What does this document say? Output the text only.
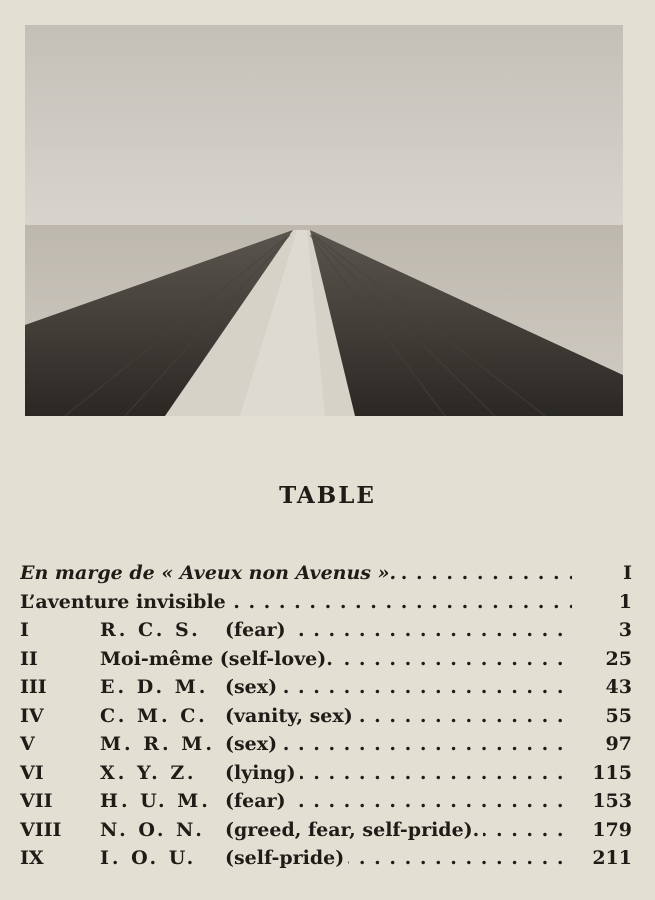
TABLE
En marge de « Aveux non Avenus ». . . .	I
L’aventure invisible . . .	1
I	R. C. S. (fear) . . .	3
II	Moi-même (self-love). . . .	25
III	E. D. M. (sex) . . .	43
IV	C. M. C. (vanity, sex) . . .	55
V	M. R. M. (sex) . . .	97
VI	X. Y. Z. (lying) . . .	115
VII	H. U. M. (fear) . . .	153
VIII	N. O. N. (greed, fear, self-pride). . . .	179
IX	I. O. U. (self-pride) . . .	211
